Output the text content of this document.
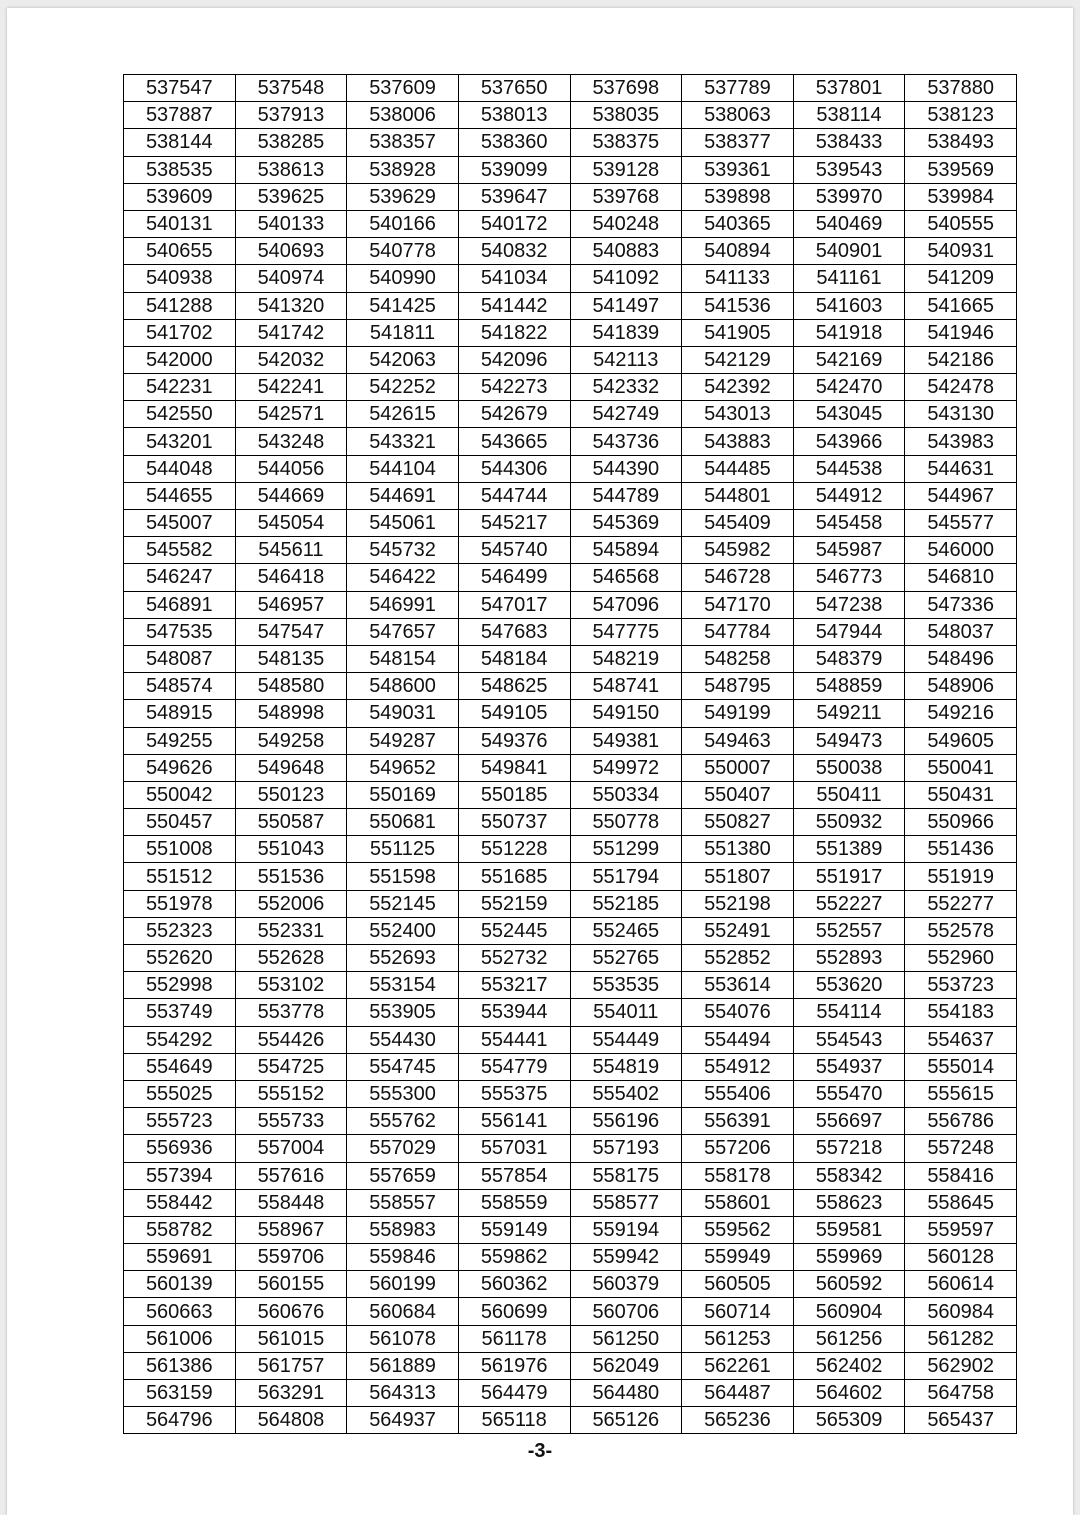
537547	537548	537609	537650	537698	537789	537801	537880
537887	537913	538006	538013	538035	538063	538114	538123
538144	538285	538357	538360	538375	538377	538433	538493
538535	538613	538928	539099	539128	539361	539543	539569
539609	539625	539629	539647	539768	539898	539970	539984
540131	540133	540166	540172	540248	540365	540469	540555
540655	540693	540778	540832	540883	540894	540901	540931
540938	540974	540990	541034	541092	541133	541161	541209
541288	541320	541425	541442	541497	541536	541603	541665
541702	541742	541811	541822	541839	541905	541918	541946
542000	542032	542063	542096	542113	542129	542169	542186
542231	542241	542252	542273	542332	542392	542470	542478
542550	542571	542615	542679	542749	543013	543045	543130
543201	543248	543321	543665	543736	543883	543966	543983
544048	544056	544104	544306	544390	544485	544538	544631
544655	544669	544691	544744	544789	544801	544912	544967
545007	545054	545061	545217	545369	545409	545458	545577
545582	545611	545732	545740	545894	545982	545987	546000
546247	546418	546422	546499	546568	546728	546773	546810
546891	546957	546991	547017	547096	547170	547238	547336
547535	547547	547657	547683	547775	547784	547944	548037
548087	548135	548154	548184	548219	548258	548379	548496
548574	548580	548600	548625	548741	548795	548859	548906
548915	548998	549031	549105	549150	549199	549211	549216
549255	549258	549287	549376	549381	549463	549473	549605
549626	549648	549652	549841	549972	550007	550038	550041
550042	550123	550169	550185	550334	550407	550411	550431
550457	550587	550681	550737	550778	550827	550932	550966
551008	551043	551125	551228	551299	551380	551389	551436
551512	551536	551598	551685	551794	551807	551917	551919
551978	552006	552145	552159	552185	552198	552227	552277
552323	552331	552400	552445	552465	552491	552557	552578
552620	552628	552693	552732	552765	552852	552893	552960
552998	553102	553154	553217	553535	553614	553620	553723
553749	553778	553905	553944	554011	554076	554114	554183
554292	554426	554430	554441	554449	554494	554543	554637
554649	554725	554745	554779	554819	554912	554937	555014
555025	555152	555300	555375	555402	555406	555470	555615
555723	555733	555762	556141	556196	556391	556697	556786
556936	557004	557029	557031	557193	557206	557218	557248
557394	557616	557659	557854	558175	558178	558342	558416
558442	558448	558557	558559	558577	558601	558623	558645
558782	558967	558983	559149	559194	559562	559581	559597
559691	559706	559846	559862	559942	559949	559969	560128
560139	560155	560199	560362	560379	560505	560592	560614
560663	560676	560684	560699	560706	560714	560904	560984
561006	561015	561078	561178	561250	561253	561256	561282
561386	561757	561889	561976	562049	562261	562402	562902
563159	563291	564313	564479	564480	564487	564602	564758
564796	564808	564937	565118	565126	565236	565309	565437
-3-
